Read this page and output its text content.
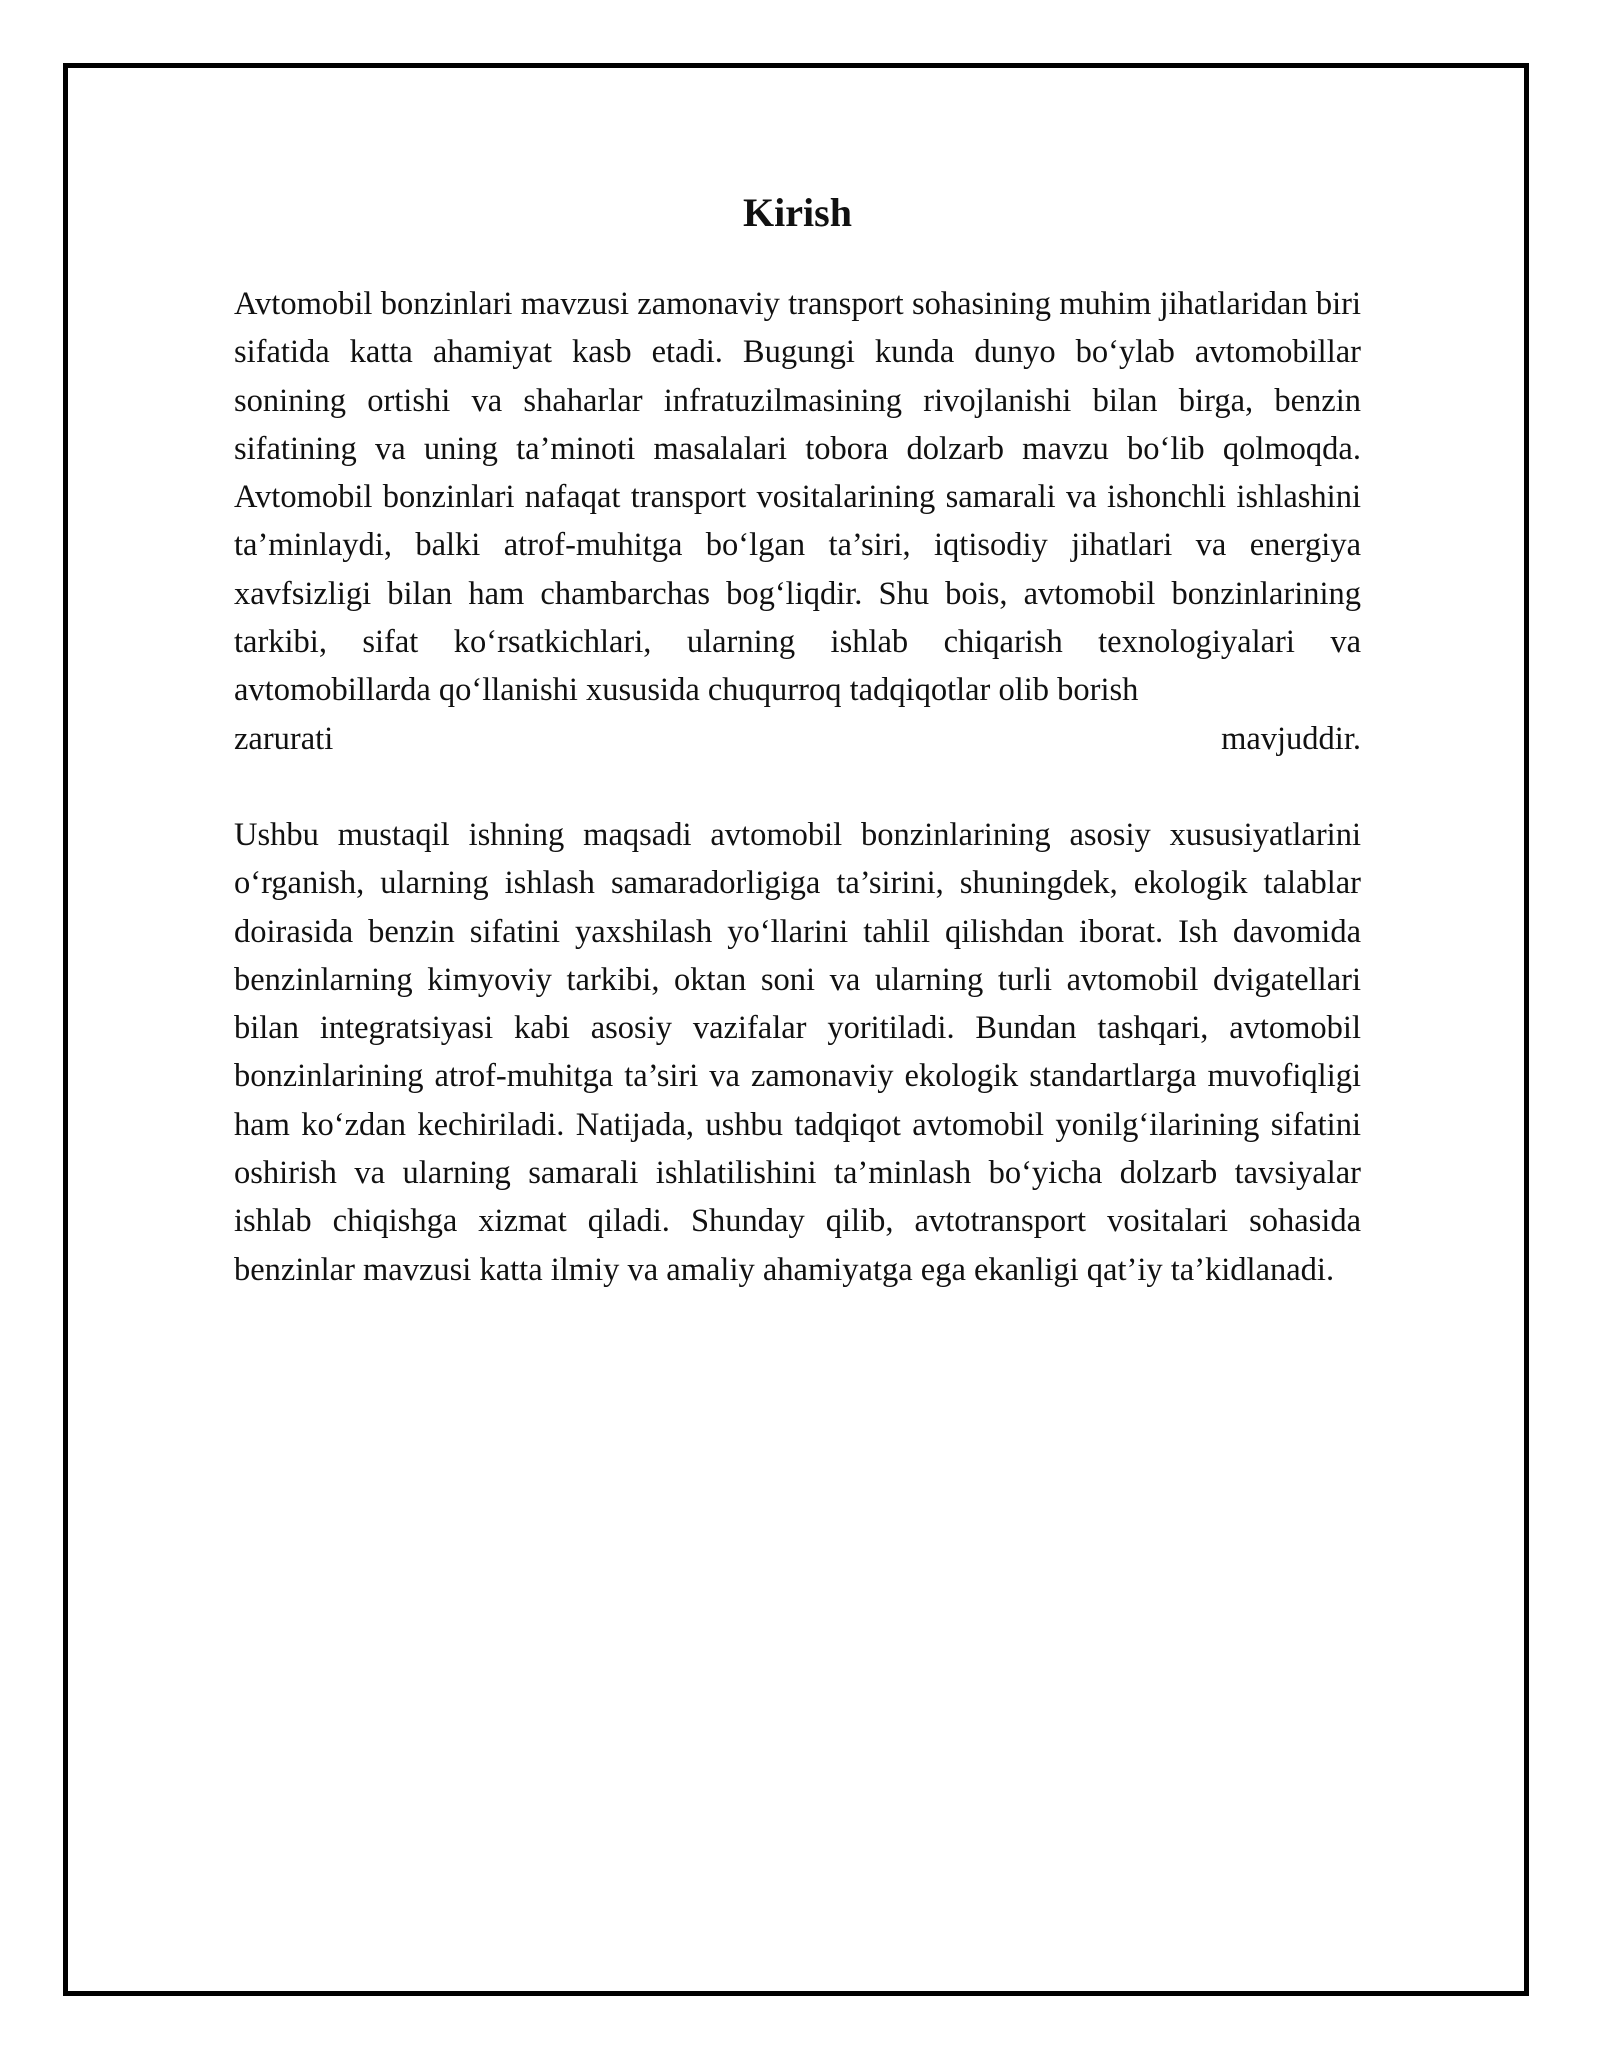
Kirish

Avtomobil bonzinlari mavzusi zamonaviy transport sohasining muhim jihatlaridan biri sifatida katta ahamiyat kasb etadi. Bugungi kunda dunyo bo‘ylab avtomobillar sonining ortishi va shaharlar infratuzilmasining rivojlanishi bilan birga, benzin sifatining va uning ta’minoti masalalari tobora dolzarb mavzu bo‘lib qolmoqda. Avtomobil bonzinlari nafaqat transport vositalarining samarali va ishonchli ishlashini ta’minlaydi, balki atrof-muhitga bo‘lgan ta’siri, iqtisodiy jihatlari va energiya xavfsizligi bilan ham chambarchas bog‘liqdir. Shu bois, avtomobil bonzinlarining tarkibi, sifat ko‘rsatkichlari, ularning ishlab chiqarish texnologiyalari va avtomobillarda qo‘llanishi xususida chuqurroq tadqiqotlar olib borish

zarurati	mavjuddir.

Ushbu mustaqil ishning maqsadi avtomobil bonzinlarining asosiy xususiyatlarini o‘rganish, ularning ishlash samaradorligiga ta’sirini, shuningdek, ekologik talablar doirasida benzin sifatini yaxshilash yo‘llarini tahlil qilishdan iborat. Ish davomida benzinlarning kimyoviy tarkibi, oktan soni va ularning turli avtomobil dvigatellari bilan integratsiyasi kabi asosiy vazifalar yoritiladi. Bundan tashqari, avtomobil bonzinlarining atrof-muhitga ta’siri va zamonaviy ekologik standartlarga muvofiqligi ham ko‘zdan kechiriladi. Natijada, ushbu tadqiqot avtomobil yonilg‘ilarining sifatini oshirish va ularning samarali ishlatilishini ta’minlash bo‘yicha dolzarb tavsiyalar ishlab chiqishga xizmat qiladi. Shunday qilib, avtotransport vositalari sohasida benzinlar mavzusi katta ilmiy va amaliy ahamiyatga ega ekanligi qat’iy ta’kidlanadi.
